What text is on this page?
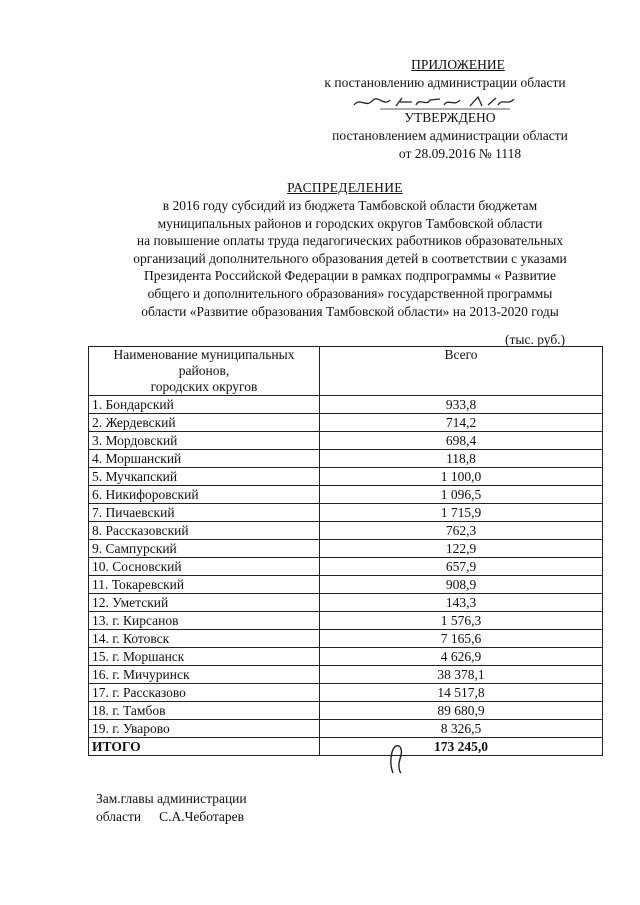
ПРИЛОЖЕНИЕ
к постановлению администрации области
УТВЕРЖДЕНО
постановлением администрации области
от 28.09.2016 № 1118
РАСПРЕДЕЛЕНИЕ
в 2016 году субсидий из бюджета Тамбовской области бюджетам
муниципальных районов и городских округов Тамбовской области
на повышение оплаты труда педагогических работников образовательных
организаций дополнительного образования детей в соответствии с указами
Президента Российской Федерации в рамках подпрограммы « Развитие
общего и дополнительного образования» государственной программы
области «Развитие образования Тамбовской области» на 2013-2020 годы
(тыс. руб.)
Наименование муниципальных
районов,
городских округов	Всего
1. Бондарский	933,8
2. Жердевский	714,2
3. Мордовский	698,4
4. Моршанский	118,8
5. Мучкапский	1 100,0
6. Никифоровский	1 096,5
7. Пичаевский	1 715,9
8. Рассказовский	762,3
9. Сампурский	122,9
10. Сосновский	657,9
11. Токаревский	908,9
12. Уметский	143,3
13. г. Кирсанов	1 576,3
14. г. Котовск	7 165,6
15. г. Моршанск	4 626,9
16. г. Мичуринск	38 378,1
17. г. Рассказово	14 517,8
18. г. Тамбов	89 680,9
19. г. Уварово	8 326,5
ИТОГО	173 245,0
Зам.главы администрации
области С.А.Чеботарев
